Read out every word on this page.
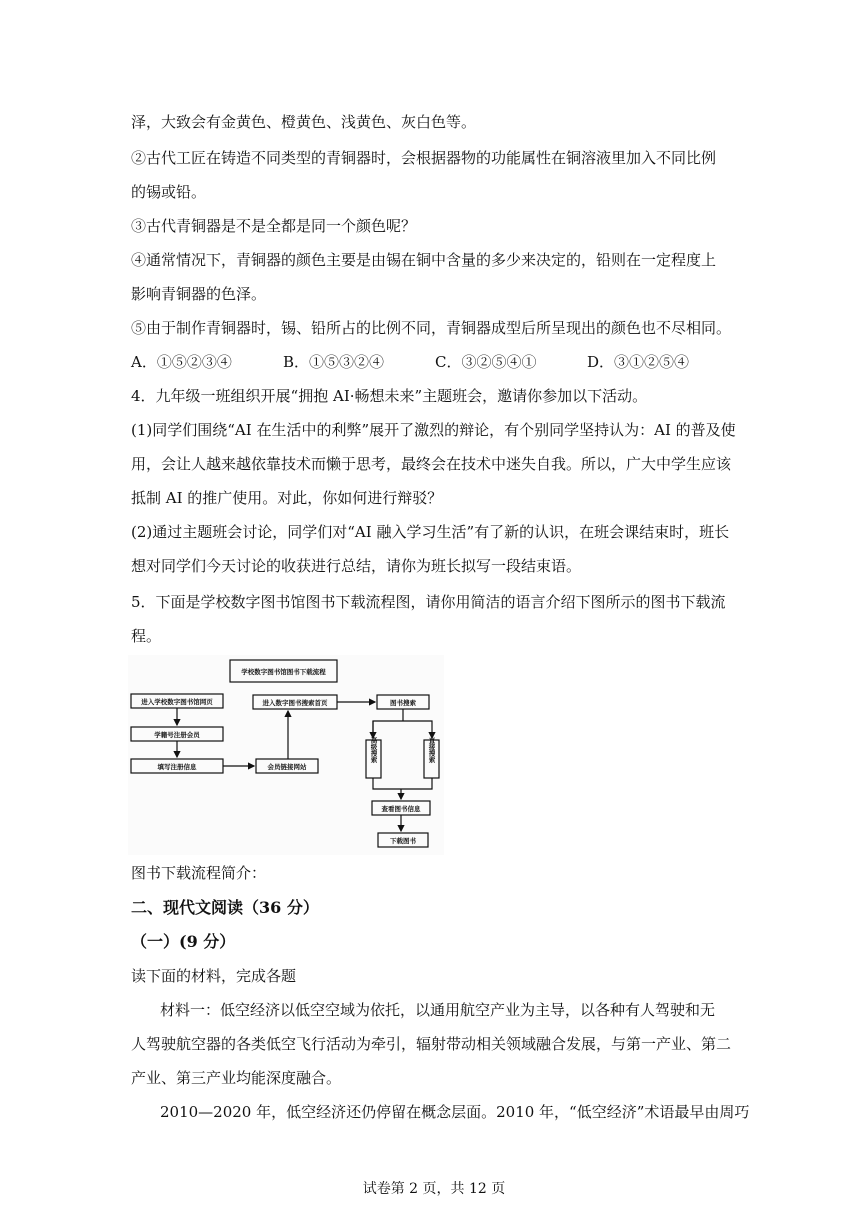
泽，大致会有金黄色、橙黄色、浅黄色、灰白色等。
②古代工匠在铸造不同类型的青铜器时，会根据器物的功能属性在铜溶液里加入不同比例
的锡或铅。
③古代青铜器是不是全都是同一个颜色呢？
④通常情况下，青铜器的颜色主要是由锡在铜中含量的多少来决定的，铅则在一定程度上
影响青铜器的色泽。
⑤由于制作青铜器时，锡、铅所占的比例不同，青铜器成型后所呈现出的颜色也不尽相同。
A．①⑤②③④	B．①⑤③②④	C．③②⑤④①	D．③①②⑤④
4．九年级一班组织开展“拥抱 AI·畅想未来”主题班会，邀请你参加以下活动。
(1)同学们围绕“AI 在生活中的利弊”展开了激烈的辩论，有个别同学坚持认为：AI 的普及使
用，会让人越来越依靠技术而懒于思考，最终会在技术中迷失自我。所以，广大中学生应该
抵制 AI 的推广使用。对此，你如何进行辩驳？
(2)通过主题班会讨论，同学们对“AI 融入学习生活”有了新的认识，在班会课结束时，班长
想对同学们今天讨论的收获进行总结，请你为班长拟写一段结束语。
5．下面是学校数字图书馆图书下载流程图，请你用简洁的语言介绍下图所示的图书下载流
程。
学校数字图书馆图书下载流程
进入学校数字图书馆网页
学籍号注册会员
填写注册信息	会员链接网站
进入数字图书搜索首页	图书搜索
高级搜索	直接搜索
查看图书信息
下载图书
图书下载流程简介：
二、现代文阅读（36 分）
（一）(9 分）
读下面的材料，完成各题
材料一：低空经济以低空空域为依托，以通用航空产业为主导，以各种有人驾驶和无
人驾驶航空器的各类低空飞行活动为牵引，辐射带动相关领域融合发展，与第一产业、第二
产业、第三产业均能深度融合。
2010—2020 年，低空经济还仍停留在概念层面。2010 年，“低空经济”术语最早由周巧
试卷第 2 页，共 12 页
